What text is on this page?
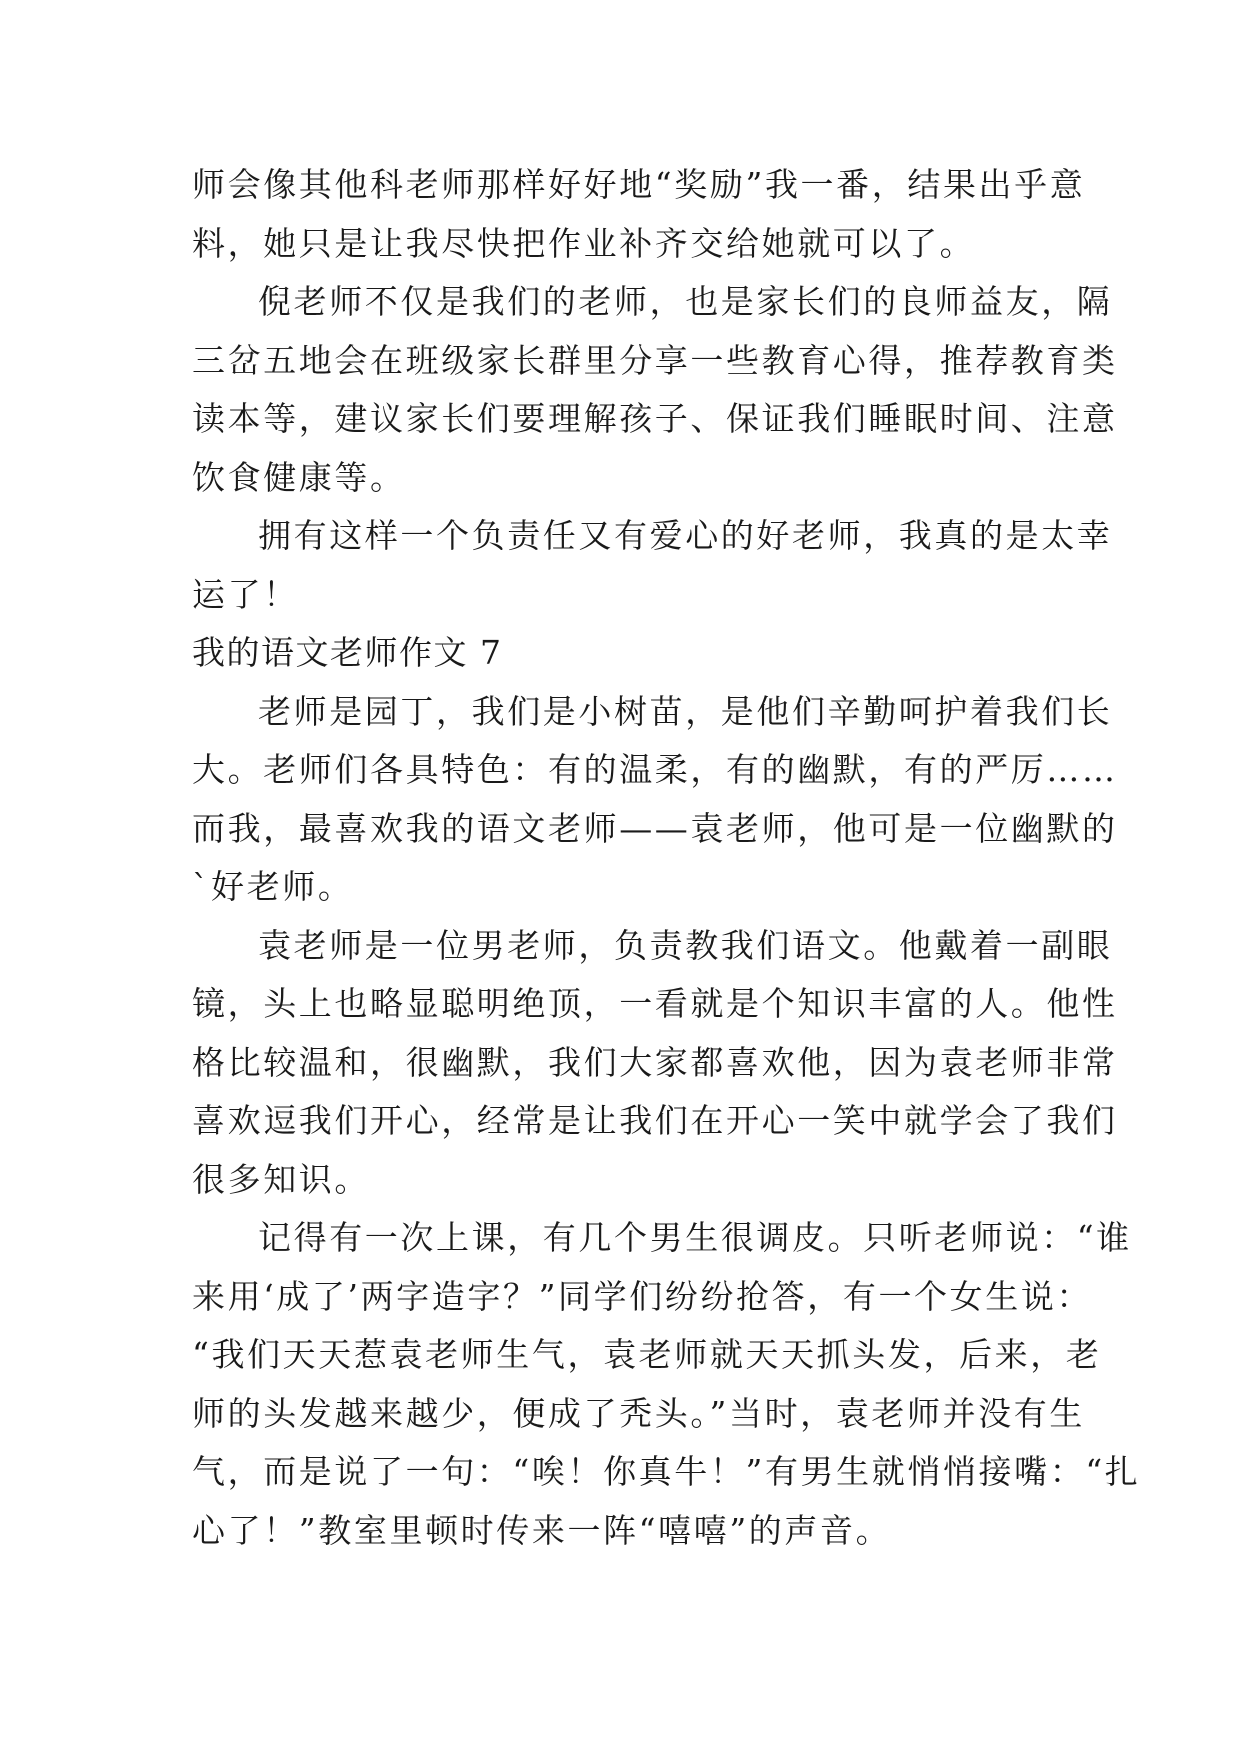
师会像其他科老师那样好好地“奖励”我一番，结果出乎意
料，她只是让我尽快把作业补齐交给她就可以了。
倪老师不仅是我们的老师，也是家长们的良师益友，隔
三岔五地会在班级家长群里分享一些教育心得，推荐教育类
读本等，建议家长们要理解孩子、保证我们睡眠时间、注意
饮食健康等。
拥有这样一个负责任又有爱心的好老师，我真的是太幸
运了！
我的语文老师作文 7
老师是园丁，我们是小树苗，是他们辛勤呵护着我们长
大。老师们各具特色：有的温柔，有的幽默，有的严厉……
而我，最喜欢我的语文老师——袁老师，他可是一位幽默的
`好老师。
袁老师是一位男老师，负责教我们语文。他戴着一副眼
镜，头上也略显聪明绝顶，一看就是个知识丰富的人。他性
格比较温和，很幽默，我们大家都喜欢他，因为袁老师非常
喜欢逗我们开心，经常是让我们在开心一笑中就学会了我们
很多知识。
记得有一次上课，有几个男生很调皮。只听老师说：“谁
来用‘成了’两字造字？”同学们纷纷抢答，有一个女生说：
“我们天天惹袁老师生气，袁老师就天天抓头发，后来，老
师的头发越来越少，便成了秃头。”当时，袁老师并没有生
气，而是说了一句：“唉！你真牛！”有男生就悄悄接嘴：“扎
心了！”教室里顿时传来一阵“嘻嘻”的声音。
